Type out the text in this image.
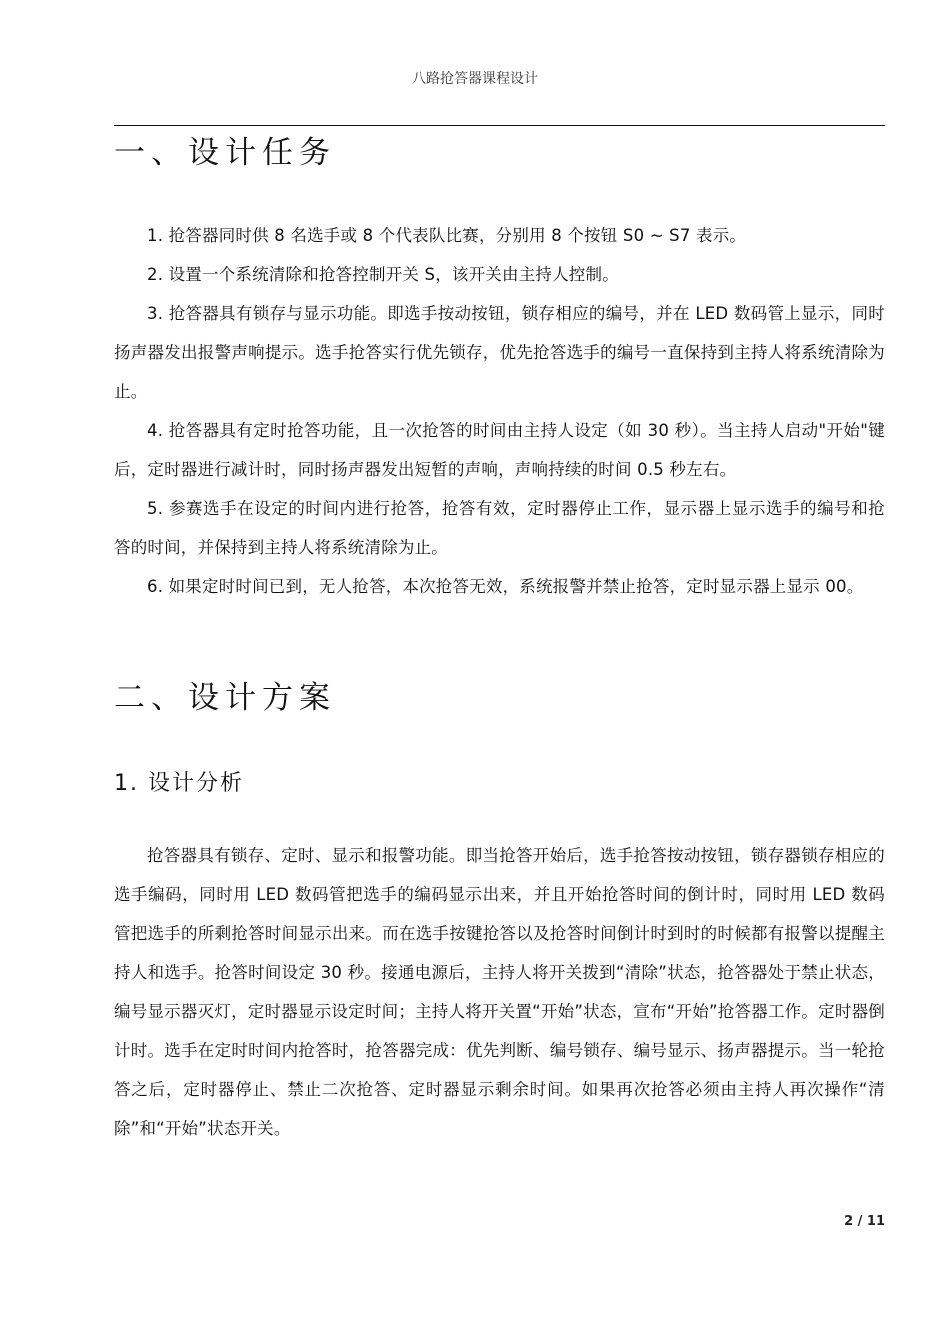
八路抢答器课程设计
一、设计任务
1. 抢答器同时供 8 名选手或 8 个代表队比赛，分别用 8 个按钮 S0 ~ S7 表示。
2. 设置一个系统清除和抢答控制开关 S，该开关由主持人控制。
3. 抢答器具有锁存与显示功能。即选手按动按钮，锁存相应的编号，并在 LED 数码管上显示，同时扬声器发出报警声响提示。选手抢答实行优先锁存，优先抢答选手的编号一直保持到主持人将系统清除为止。
4. 抢答器具有定时抢答功能，且一次抢答的时间由主持人设定（如 30 秒）。当主持人启动"开始"键后，定时器进行减计时，同时扬声器发出短暂的声响，声响持续的时间 0.5 秒左右。
5. 参赛选手在设定的时间内进行抢答，抢答有效，定时器停止工作，显示器上显示选手的编号和抢答的时间，并保持到主持人将系统清除为止。
6. 如果定时时间已到，无人抢答，本次抢答无效，系统报警并禁止抢答，定时显示器上显示 00。
二、设计方案
1. 设计分析

抢答器具有锁存、定时、显示和报警功能。即当抢答开始后，选手抢答按动按钮，锁存器锁存相应的选手编码，同时用 LED 数码管把选手的编码显示出来，并且开始抢答时间的倒计时，同时用 LED 数码管把选手的所剩抢答时间显示出来。而在选手按键抢答以及抢答时间倒计时到时的时候都有报警以提醒主持人和选手。抢答时间设定 30 秒。接通电源后，主持人将开关拨到“清除”状态，抢答器处于禁止状态，编号显示器灭灯，定时器显示设定时间；主持人将开关置“开始”状态，宣布“开始”抢答器工作。定时器倒计时。选手在定时时间内抢答时，抢答器完成：优先判断、编号锁存、编号显示、扬声器提示。当一轮抢答之后，定时器停止、禁止二次抢答、定时器显示剩余时间。如果再次抢答必须由主持人再次操作“清除”和“开始”状态开关。

2 / 11
